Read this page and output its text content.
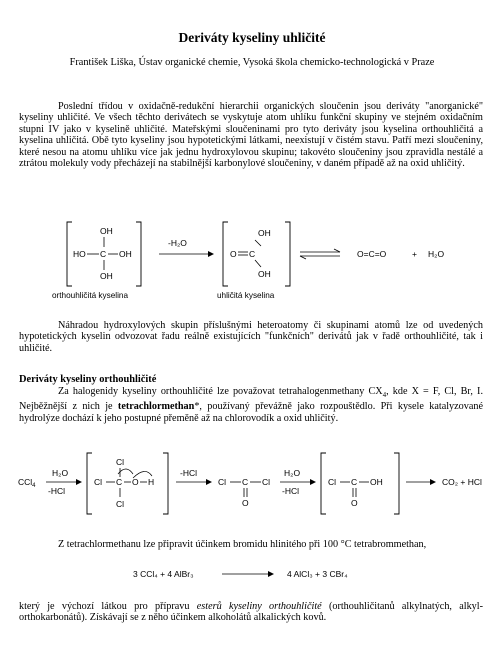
Deriváty kyseliny uhličité
František Liška, Ústav organické chemie, Vysoká škola chemicko-technologická v Praze
Poslední třídou v oxidačně-redukční hierarchii organických sloučenin jsou deriváty "anorganické" kyseliny uhličité. Ve všech těchto derivátech se vyskytuje atom uhlíku funkční skupiny ve stejném oxidačním stupni IV jako v kyselině uhličité. Mateřskými sloučeninami pro tyto deriváty jsou kyselina orthouhličitá a kyselina uhličitá. Obě tyto kyseliny jsou hypotetickými látkami, neexistují v čistém stavu. Patří mezi sloučeniny, které nesou na atomu uhlíku více jak jednu hydroxylovou skupinu; takovéto sloučeniny jsou zpravidla nestálé a ztrátou molekuly vody přecházejí na stabilnější karbonylové sloučeniny, v daném případě až na oxid uhličitý.
OH
HO C OH
OH
-H₂O
OH
O C
OH
O=C=O	+ H₂O
orthouhličitá kyselina	uhličitá kyselina
Náhradou hydroxylových skupin příslušnými heteroatomy či skupinami atomů lze od uvedených hypotetických kyselin odvozovat řadu reálně existujících "funkčních" derivátů jak v řadě orthouhličité, tak i uhličité.
Deriváty kyseliny orthouhličité
Za halogenidy kyseliny orthouhličité lze považovat tetrahalogenmethany $CX_4$, kde X = F, Cl, Br, I. Nejběžnější z nich je tetrachlormethan*, používaný převážně jako rozpouštědlo. Při kysele katalyzované hydrolýze dochází k jeho postupné přeměně až na chlorovodík a oxid uhličitý.
CCl$_4$
H₂O
-HCl
Cl
Cl C O H
Cl
-HCl
Cl C Cl
O
H₂O
-HCl
Cl C OH
O
CO₂ + HCl
Z tetrachlormethanu lze připravit účinkem bromidu hlinitého při 100 °C tetrabrommethan,
3 CCl₄ + 4 AlBr₃	4 AlCl₃ + 3 CBr₄
který je výchozí látkou pro přípravu esterů kyseliny orthouhličité (orthouhličitanů alkylnatých, alkyl-orthokarbonátů). Získávají se z něho účinkem alkoholátů alkalických kovů.
